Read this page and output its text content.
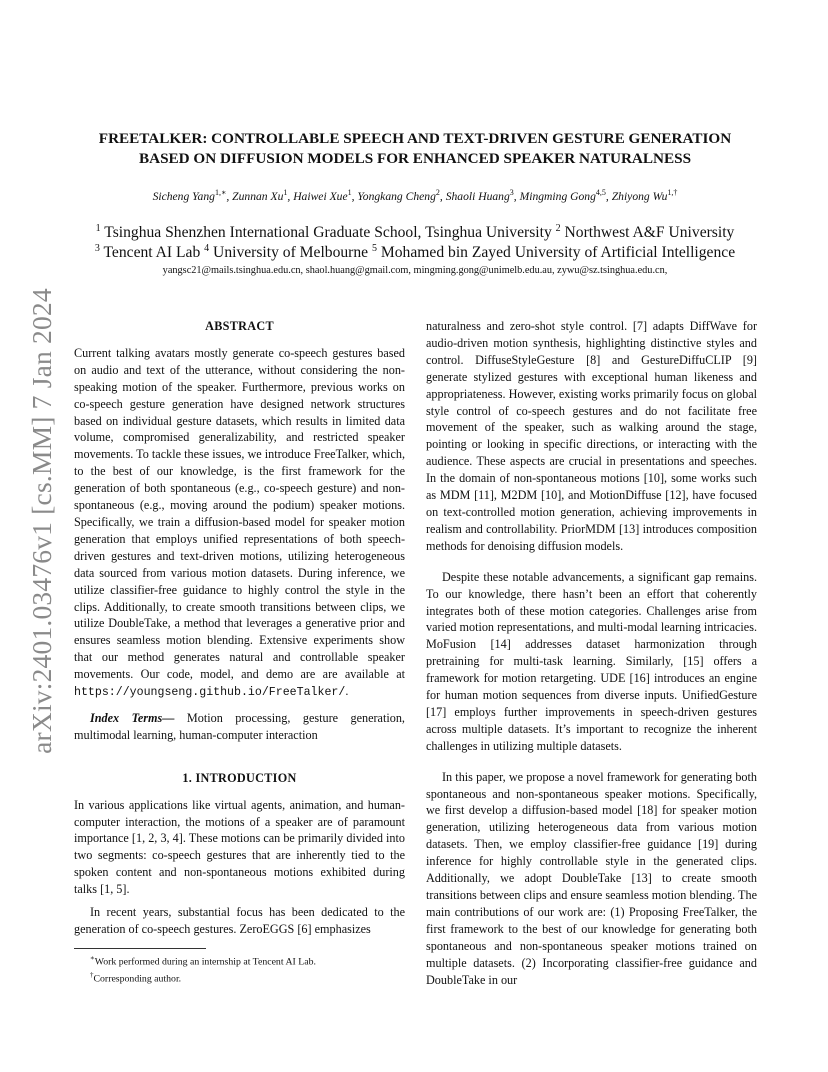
arXiv:2401.03476v1 [cs.MM] 7 Jan 2024
FREETALKER: CONTROLLABLE SPEECH AND TEXT-DRIVEN GESTURE GENERATION
BASED ON DIFFUSION MODELS FOR ENHANCED SPEAKER NATURALNESS

Sicheng Yang$^{1,∗}$, Zunnan Xu$^1$, Haiwei Xue$^1$, Yongkang Cheng$^2$, Shaoli Huang$^3$, Mingming Gong$^{4,5}$, Zhiyong $Wu^{1,\dagger}$

$^1$ Tsinghua Shenzhen International Graduate School, Tsinghua University $^2$ Northwest A&F University

$^3$ Tencent AI Lab $^4$ University of Melbourne $^5$ Mohamed bin Zayed University of Artificial Intelligence

yangsc21@mails.tsinghua.edu.cn, shaol.huang@gmail.com, mingming.gong@unimelb.edu.au, zywu@sz.tsinghua.edu.cn,

ABSTRACT

Current talking avatars mostly generate co-speech gestures based on audio and text of the utterance, without considering the non-speaking motion of the speaker. Furthermore, previous works on co-speech gesture generation have designed network structures based on individual gesture datasets, which results in limited data volume, compromised generalizability, and restricted speaker movements. To tackle these issues, we introduce FreeTalker, which, to the best of our knowledge, is the first framework for the generation of both spontaneous (e.g., co-speech gesture) and non-spontaneous (e.g., moving around the podium) speaker motions. Specifically, we train a diffusion-based model for speaker motion generation that employs unified representations of both speech-driven gestures and text-driven motions, utilizing heterogeneous data sourced from various motion datasets. During inference, we utilize classifier-free guidance to highly control the style in the clips. Additionally, to create smooth transitions between clips, we utilize DoubleTake, a method that leverages a generative prior and ensures seamless motion blending. Extensive experiments show that our method generates natural and controllable speaker movements. Our code, model, and demo are are available at https://youngseng.github.io/FreeTalker/.

Index Terms— Motion processing, gesture generation, multimodal learning, human-computer interaction

1. INTRODUCTION

In various applications like virtual agents, animation, and human-computer interaction, the motions of a speaker are of paramount importance [1, 2, 3, 4]. These motions can be primarily divided into two segments: co-speech gestures that are inherently tied to the spoken content and non-spontaneous motions exhibited during talks [1, 5].

In recent years, substantial focus has been dedicated to the generation of co-speech gestures. ZeroEGGS [6] emphasizes

∗Work performed during an internship at Tencent AI Lab.

†Corresponding author.

naturalness and zero-shot style control. [7] adapts DiffWave for audio-driven motion synthesis, highlighting distinctive styles and control. DiffuseStyleGesture [8] and GestureDiffuCLIP [9] generate stylized gestures with exceptional human likeness and appropriateness. However, existing works primarily focus on global style control of co-speech gestures and do not facilitate free movement of the speaker, such as walking around the stage, pointing or looking in specific directions, or interacting with the audience. These aspects are crucial in presentations and speeches. In the domain of non-spontaneous motions [10], some works such as MDM [11], M2DM [10], and MotionDiffuse [12], have focused on text-controlled motion generation, achieving improvements in realism and controllability. PriorMDM [13] introduces composition methods for denoising diffusion models.

Despite these notable advancements, a significant gap remains. To our knowledge, there hasn’t been an effort that coherently integrates both of these motion categories. Challenges arise from varied motion representations, and multi-modal learning intricacies. MoFusion [14] addresses dataset harmonization through pretraining for multi-task learning. Similarly, [15] offers a framework for motion retargeting. UDE [16] introduces an engine for human motion sequences from diverse inputs. UnifiedGesture [17] employs further improvements in speech-driven gestures across multiple datasets. It’s important to recognize the inherent challenges in utilizing multiple datasets.

In this paper, we propose a novel framework for generating both spontaneous and non-spontaneous speaker motions. Specifically, we first develop a diffusion-based model [18] for speaker motion generation, utilizing heterogeneous data from various motion datasets. Then, we employ classifier-free guidance [19] during inference for highly controllable style in the generated clips. Additionally, we adopt DoubleTake [13] to create smooth transitions between clips and ensure seamless motion blending. The main contributions of our work are: (1) Proposing FreeTalker, the first framework to the best of our knowledge for generating both spontaneous and non-spontaneous speaker motions trained on multiple datasets. (2) Incorporating classifier-free guidance and DoubleTake in our
